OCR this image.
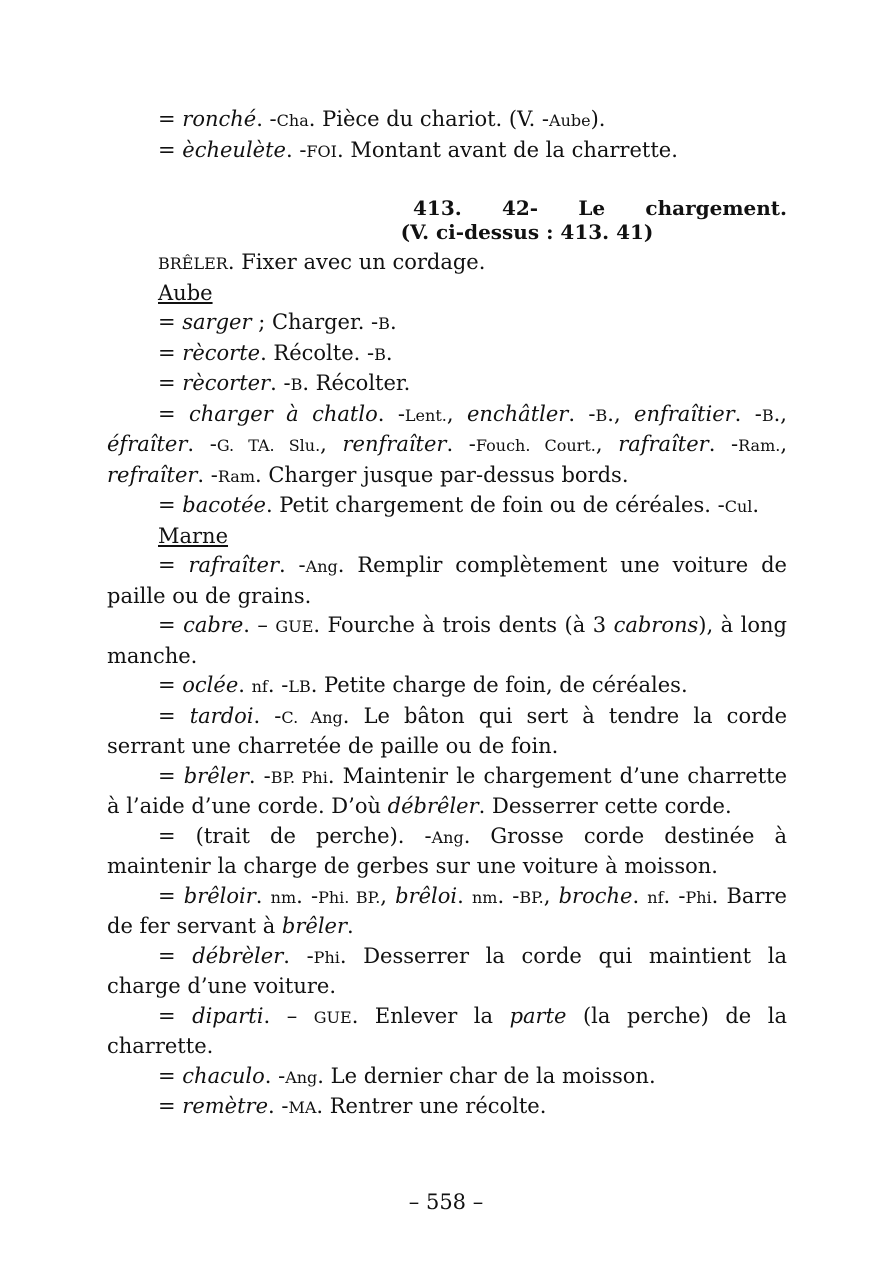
= ronché. -Cha. Pièce du chariot. (V. -Aube).

= èchеulète. -FOI. Montant avant de la charrette.

413. 42- Le chargement.
(V. ci-dessus : 413. 41)

BRÊLER. Fixer avec un cordage.

Aube

= sarger ; Charger. -B.

= rècorte. Récolte. -B.

= rècorter. -B. Récolter.

= charger à chatlo. -Lent., enchâtler. -B., enfraîtier. -B., éfraîter. -G. TA. Slu., renfraîter. -Fouch. Court., rafraîter. -Ram., refraîter. -Ram. Charger jusque par-dessus bords.

= bacotée. Petit chargement de foin ou de céréales. -Cul.

Marne

= rafraîter. -Ang. Remplir complètement une voiture de paille ou de grains.

= cabre. – GUE. Fourche à trois dents (à 3 cabrons), à long manche.

= oclée. nf. -LB. Petite charge de foin, de céréales.

= tardoi. -C. Ang. Le bâton qui sert à tendre la corde serrant une charretée de paille ou de foin.

= brêler. -BP. Phi. Maintenir le chargement d’une charrette à l’aide d’une corde. D’où débrêler. Desserrer cette corde.

= (trait de perche). -Ang. Grosse corde destinée à maintenir la charge de gerbes sur une voiture à moisson.

= brêloir. nm. -Phi. BP., brêloi. nm. -BP., broche. nf. -Phi. Barre de fer servant à brêler.

= débrèler. -Phi. Desserrer la corde qui maintient la charge d’une voiture.

= diparti. – GUE. Enlever la parte (la perche) de la charrette.

= chaculo. -Ang. Le dernier char de la moisson.

= remètre. -MA. Rentrer une récolte.

– 558 –
